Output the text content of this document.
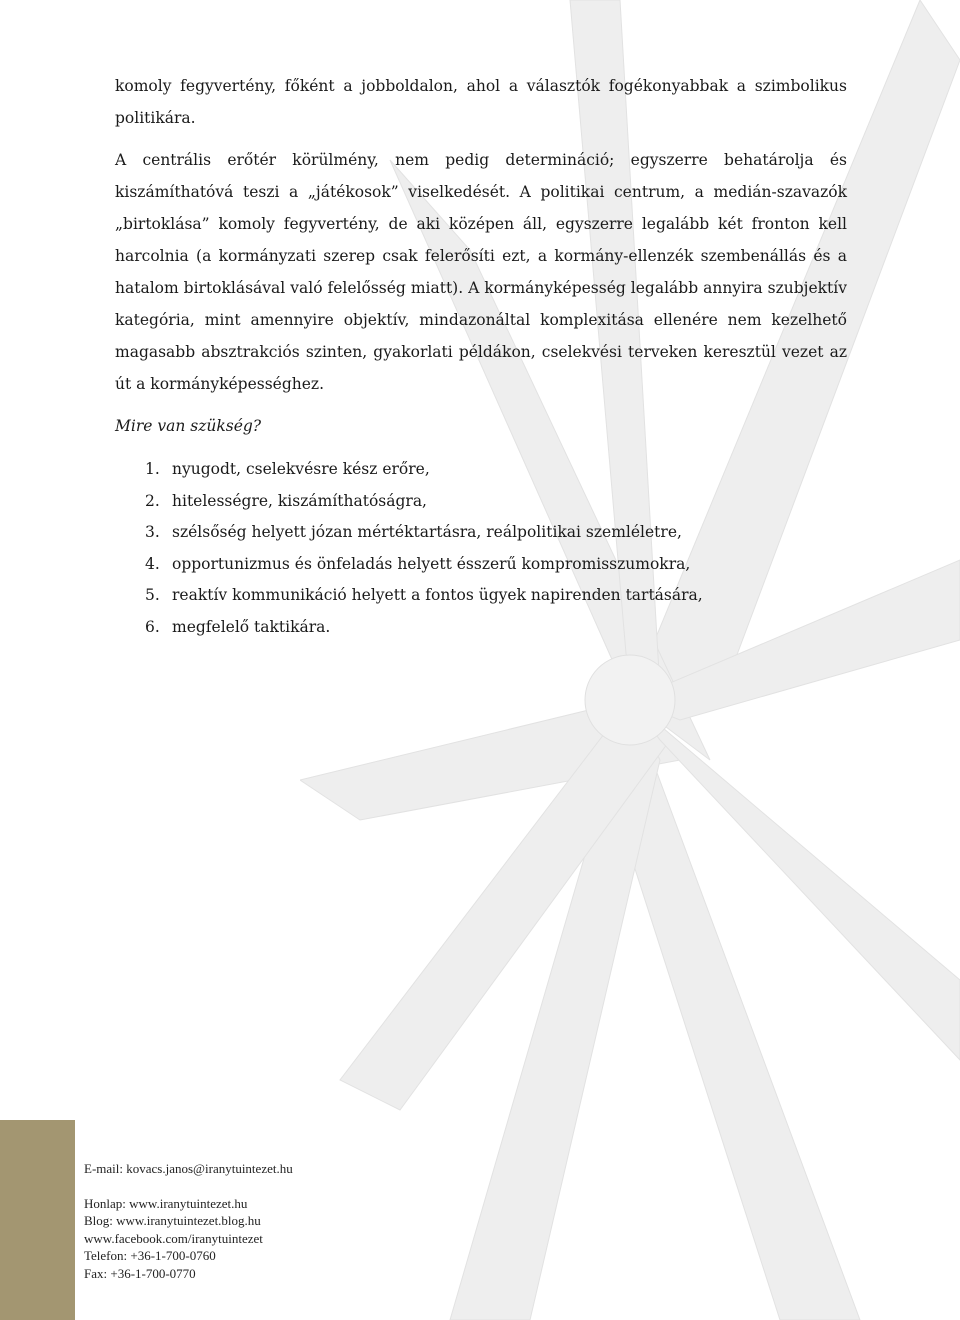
komoly fegyvertény, főként a jobboldalon, ahol a választók fogékonyabbak a szimbolikus politikára.

A centrális erőtér körülmény, nem pedig determináció; egyszerre behatárolja és kiszámíthatóvá teszi a „játékosok” viselkedését. A politikai centrum, a medián-szavazók „birtoklása” komoly fegyvertény, de aki középen áll, egyszerre legalább két fronton kell harcolnia (a kormányzati szerep csak felerősíti ezt, a kormány-ellenzék szembenállás és a hatalom birtoklásával való felelősség miatt). A kormányképesség legalább annyira szubjektív kategória, mint amennyire objektív, mindazonáltal komplexitása ellenére nem kezelhető magasabb absztrakciós szinten, gyakorlati példákon, cselekvési terveken keresztül vezet az út a kormányképességhez.

Mire van szükség?

1. nyugodt, cselekvésre kész erőre,
2. hitelességre, kiszámíthatóságra,
3. szélsőség helyett józan mértéktartásra, reálpolitikai szemléletre,
4. opportunizmus és önfeladás helyett ésszerű kompromisszumokra,
5. reaktív kommunikáció helyett a fontos ügyek napirenden tartására,
6. megfelelő taktikára.
E-mail: kovacs.janos@iranytuintezet.hu
Honlap: www.iranytuintezet.hu
Blog: www.iranytuintezet.blog.hu
www.facebook.com/iranytuintezet
Telefon: +36-1-700-0760
Fax: +36-1-700-0770
